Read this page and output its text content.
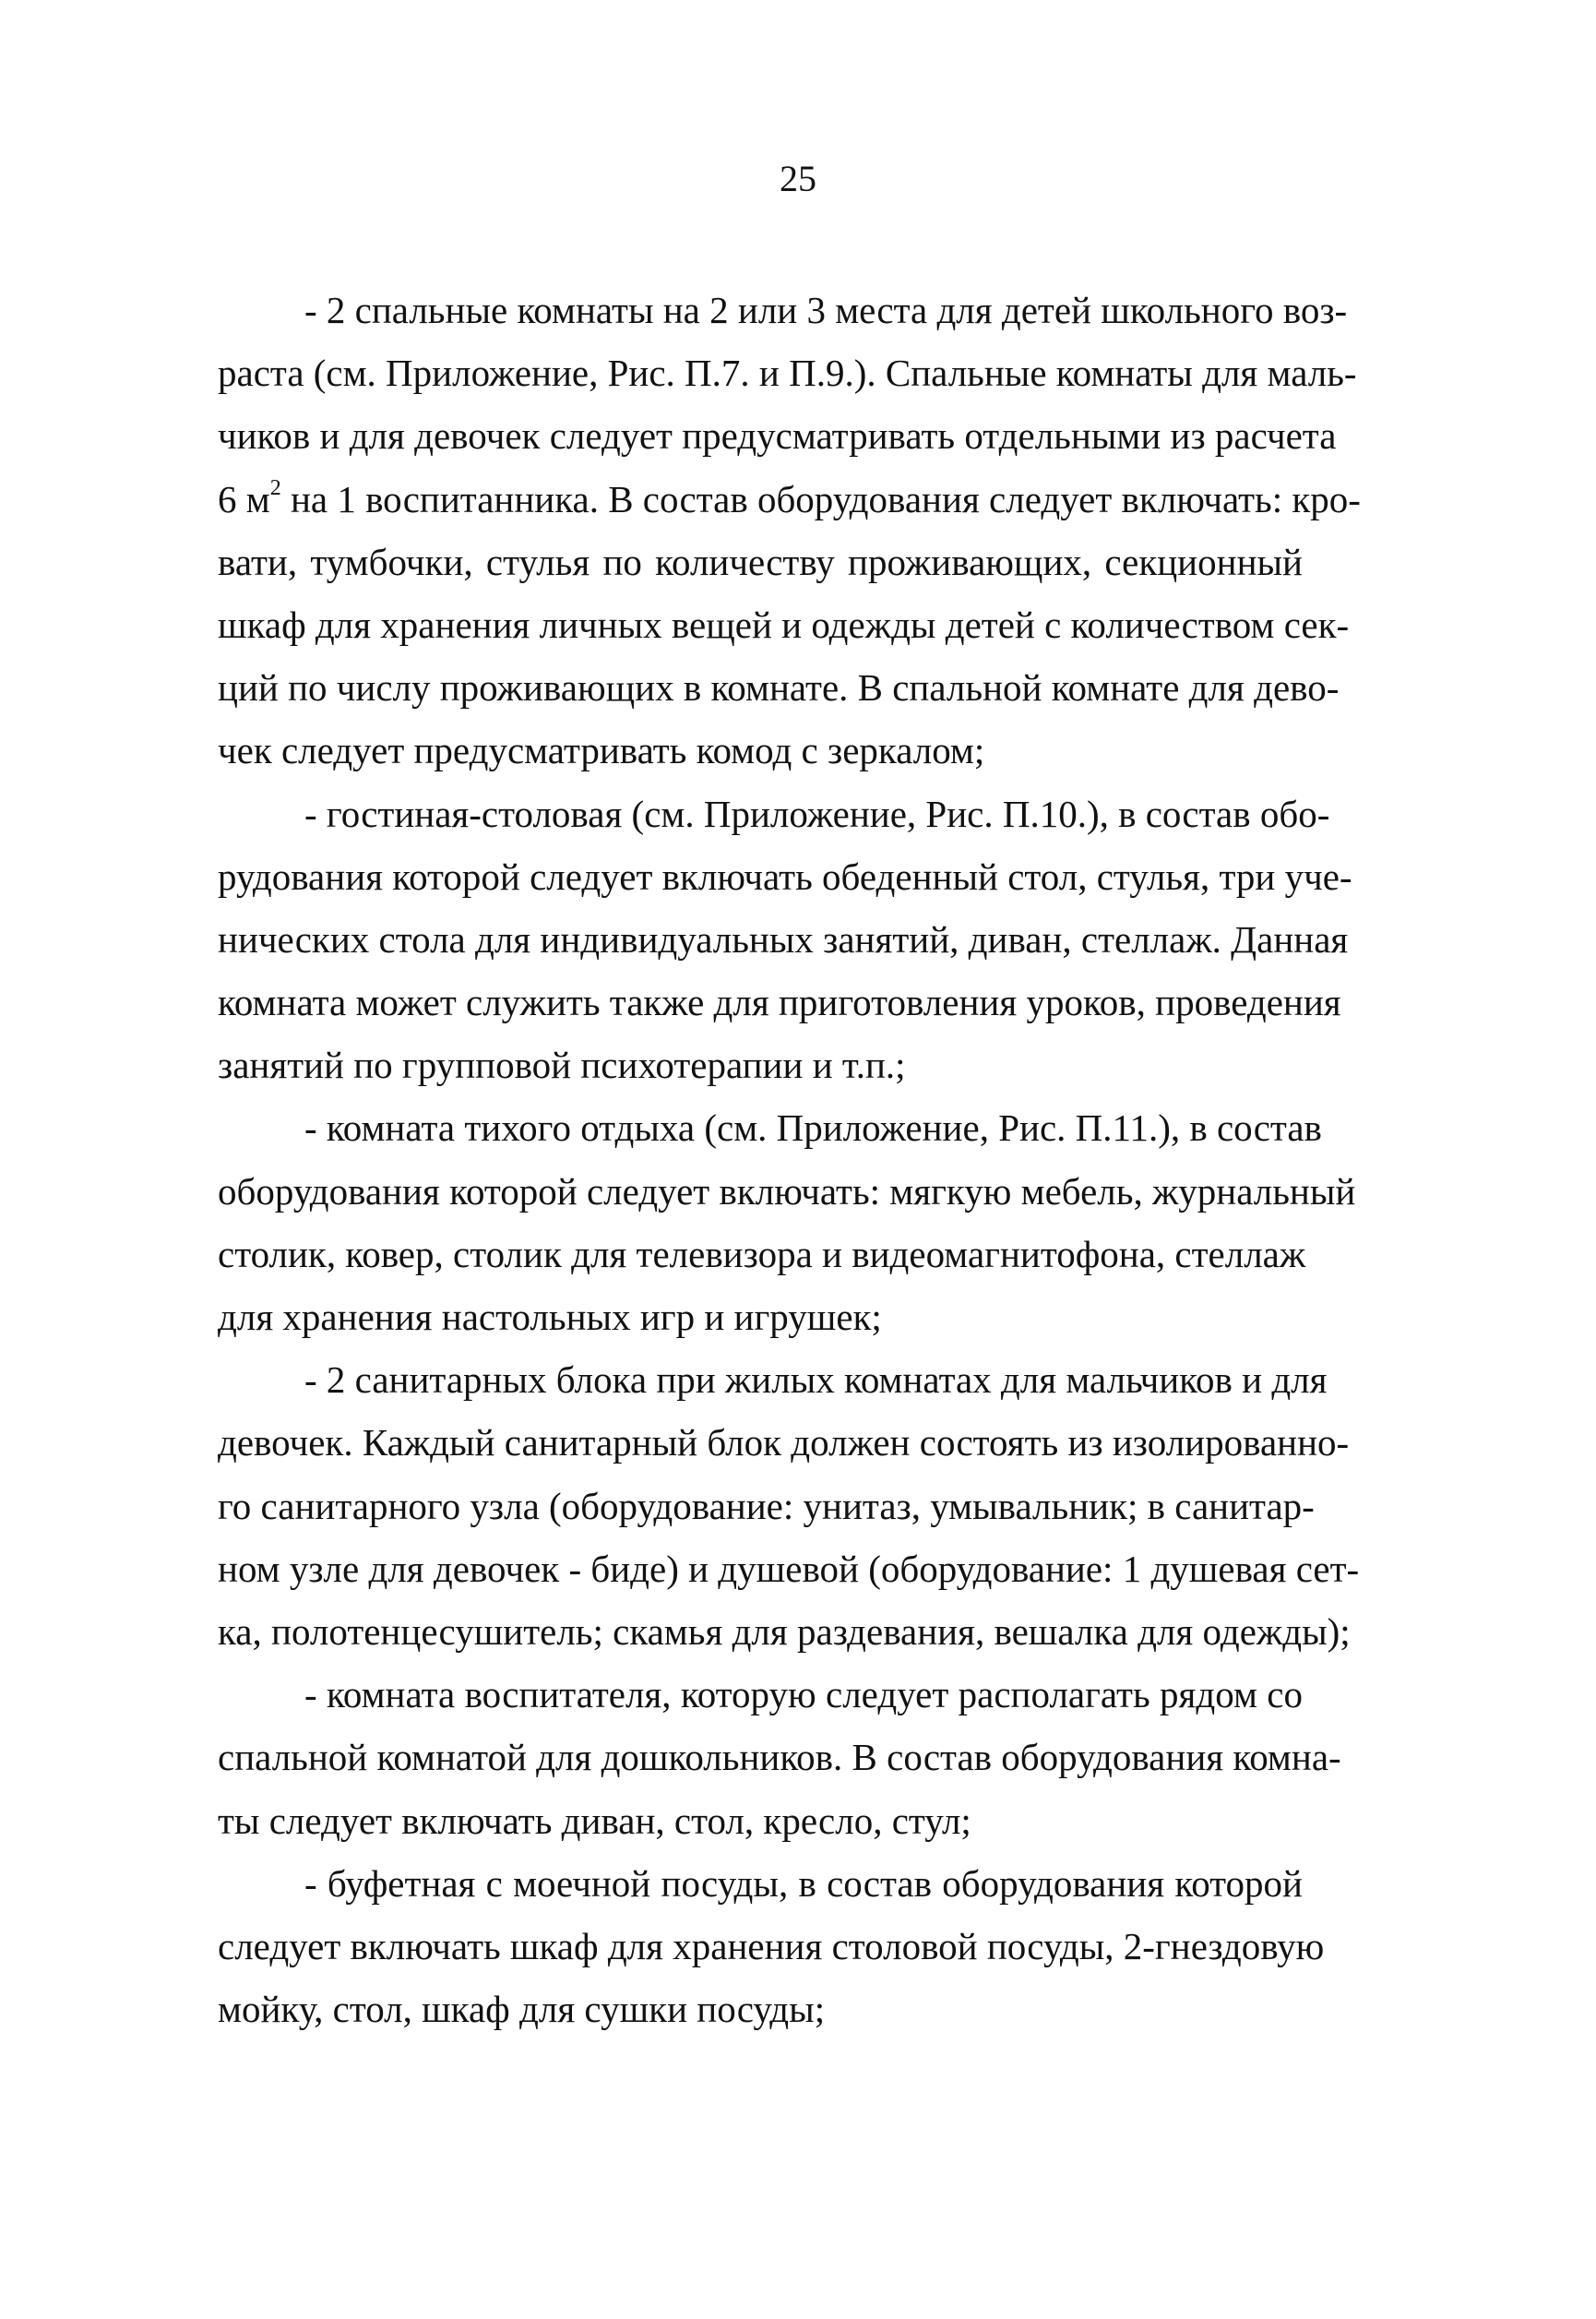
25
- 2 спальные комнаты на 2 или 3 места для детей школьного воз-
раста (см. Приложение, Рис. П.7. и П.9.). Спальные комнаты для маль-
чиков и для девочек следует предусматривать отдельными из расчета
6 $м^2$ на 1 воспитанника. В состав оборудования следует включать: кро-
вати, тумбочки, стулья по количеству проживающих, секционный
шкаф для хранения личных вещей и одежды детей с количеством сек-
ций по числу проживающих в комнате. В спальной комнате для дево-
чек следует предусматривать комод с зеркалом;
- гостиная-столовая (см. Приложение, Рис. П.10.), в состав обо-
рудования которой следует включать обеденный стол, стулья, три уче-
нических стола для индивидуальных занятий, диван, стеллаж. Данная
комната может служить также для приготовления уроков, проведения
занятий по групповой психотерапии и т.п.;
- комната тихого отдыха (см. Приложение, Рис. П.11.), в состав
оборудования которой следует включать: мягкую мебель, журнальный
столик, ковер, столик для телевизора и видеомагнитофона, стеллаж
для хранения настольных игр и игрушек;
- 2 санитарных блока при жилых комнатах для мальчиков и для
девочек. Каждый санитарный блок должен состоять из изолированно-
го санитарного узла (оборудование: унитаз, умывальник; в санитар-
ном узле для девочек - биде) и душевой (оборудование: 1 душевая сет-
ка, полотенцесушитель; скамья для раздевания, вешалка для одежды);
- комната воспитателя, которую следует располагать рядом со
спальной комнатой для дошкольников. В состав оборудования комна-
ты следует включать диван, стол, кресло, стул;
- буфетная с моечной посуды, в состав оборудования которой
следует включать шкаф для хранения столовой посуды, 2-гнездовую
мойку, стол, шкаф для сушки посуды;
